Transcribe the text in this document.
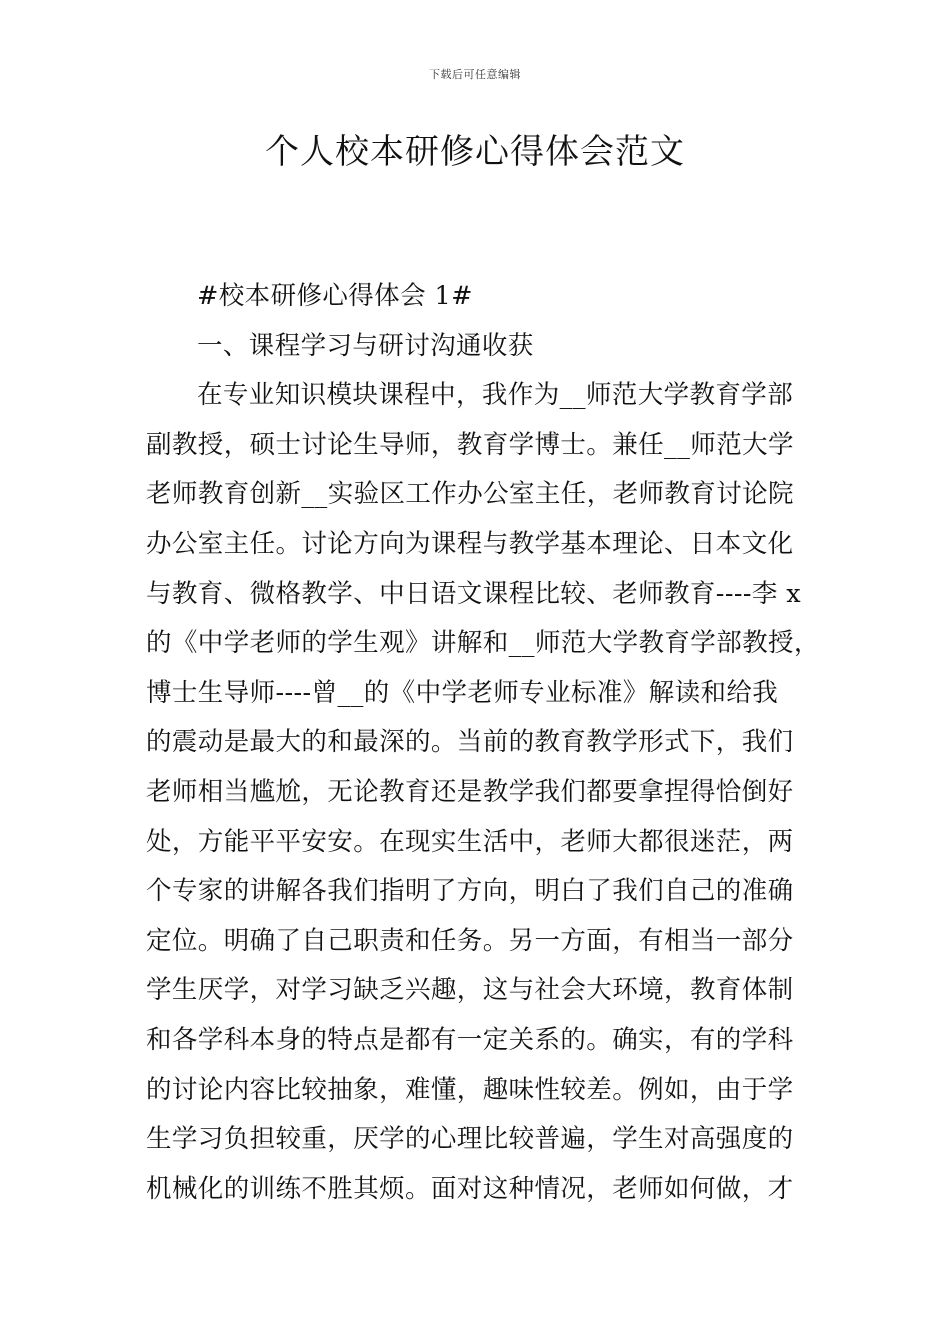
下载后可任意编辑
个人校本研修心得体会范文
#校本研修心得体会 1#
一、课程学习与研讨沟通收获
在专业知识模块课程中，我作为__师范大学教育学部
副教授，硕士讨论生导师，教育学博士。兼任__师范大学
老师教育创新__实验区工作办公室主任，老师教育讨论院
办公室主任。讨论方向为课程与教学基本理论、日本文化
与教育、微格教学、中日语文课程比较、老师教育----李 x
的《中学老师的学生观》讲解和__师范大学教育学部教授，
博士生导师----曾__的《中学老师专业标准》解读和给我
的震动是最大的和最深的。当前的教育教学形式下，我们
老师相当尴尬，无论教育还是教学我们都要拿捏得恰倒好
处，方能平平安安。在现实生活中，老师大都很迷茫，两
个专家的讲解各我们指明了方向，明白了我们自己的准确
定位。明确了自己职责和任务。另一方面，有相当一部分
学生厌学，对学习缺乏兴趣，这与社会大环境，教育体制
和各学科本身的特点是都有一定关系的。确实，有的学科
的讨论内容比较抽象，难懂，趣味性较差。例如，由于学
生学习负担较重，厌学的心理比较普遍，学生对高强度的
机械化的训练不胜其烦。面对这种情况，老师如何做，才
